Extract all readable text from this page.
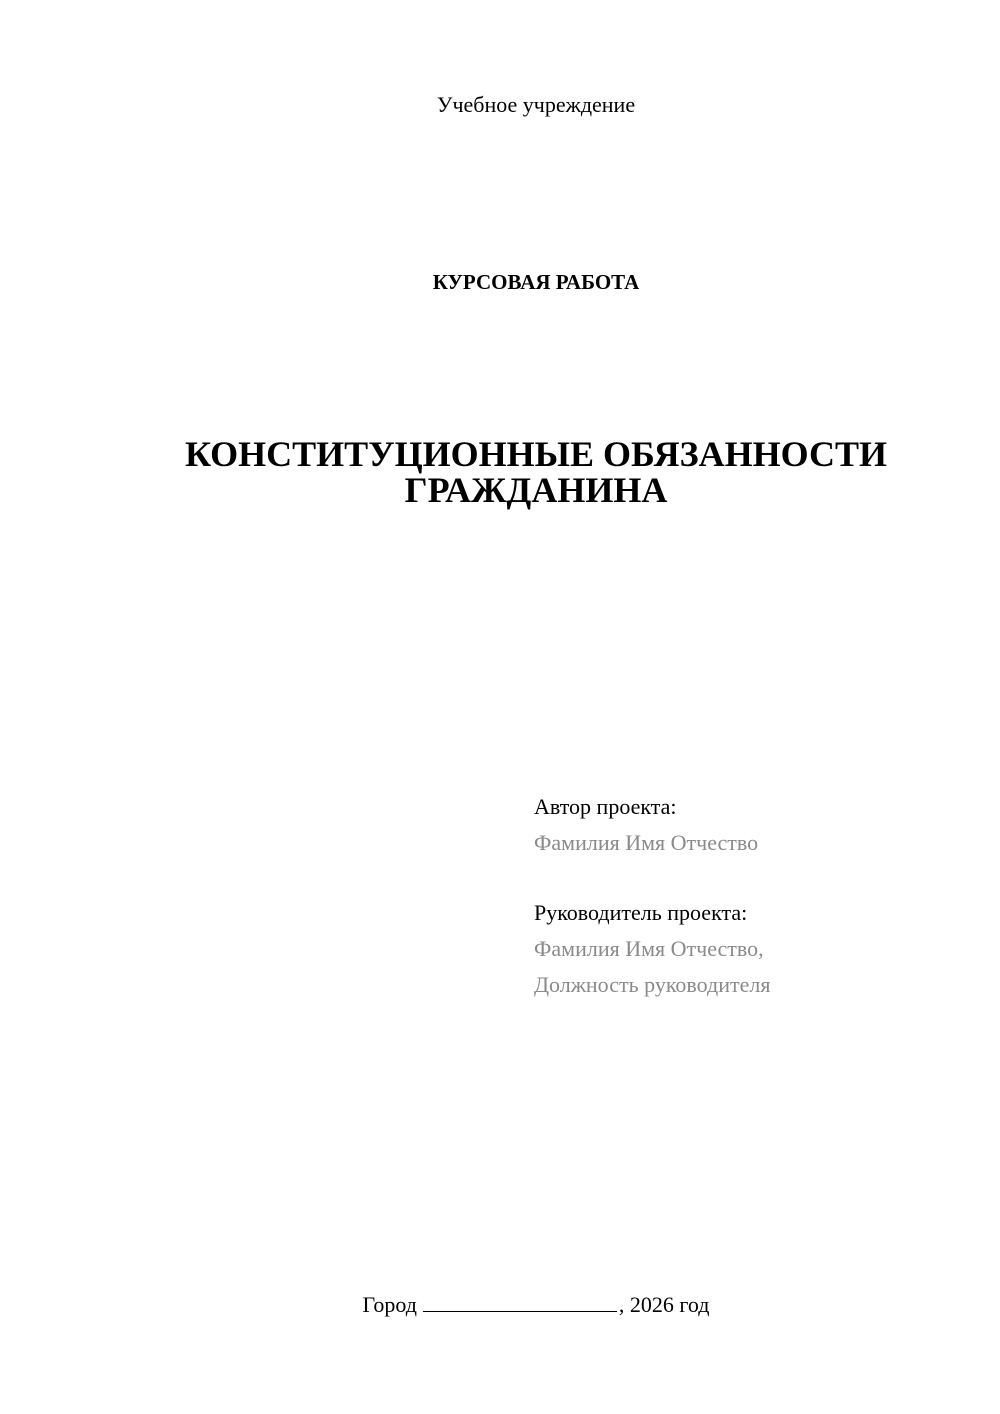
Учебное учреждение
КУРСОВАЯ РАБОТА
КОНСТИТУЦИОННЫЕ ОБЯЗАННОСТИ
ГРАЖДАНИНА
Автор проекта:
Фамилия Имя Отчество
Руководитель проекта:
Фамилия Имя Отчество,
Должность руководителя
Город	, 2026 год
